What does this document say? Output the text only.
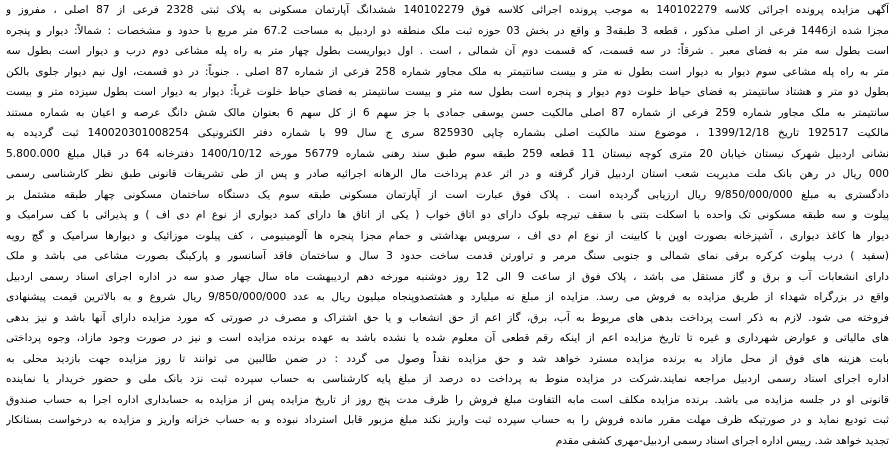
آگهی مزایده پرونده اجرائی کلاسه 140102279 به موجب پرونده اجرائی کلاسه فوق 140102279 ششدانگ آپارتمان مسکونی به پلاک ثبتی 2328 فرعی از 87 اصلی ، مفروز و
مجزا شده از1446 فرعی از اصلی مذکور ، قطعه 3 طبقه3 و واقع در بخش 03 حوزه ثبت ملک منطقه دو اردبیل به مساحت 67.2 متر مربع با حدود و مشخصات : شمالاً: دیوار و پنجره
است بطول سه متر به فضای معبر . شرقاً: در سه قسمت، که قسمت دوم آن شمالی ، است . اول دیواریست بطول چهار متر به راه پله مشاعی دوم درب و دیوار است بطول سه
متر به راه پله مشاعی سوم دیوار به دیوار است بطول نه متر و بیست سانتیمتر به ملک مجاور شماره 258 فرعی از شماره 87 اصلی . جنوباً: در دو قسمت، اول نیم دیوار جلوی بالکن
بطول دو متر و هشتاد سانتیمتر به فضای حیاط خلوت دوم دیوار و پنجره است بطول سه متر و بیست سانتیمتر به فضای حیاط خلوت غرباً: دیوار به دیوار است بطول سیزده متر و بیست
سانتیمتر به ملک مجاور شماره 259 فرعی از شماره 87 اصلی مالکیت حسن یوسفی جمادی با جز سهم 6 از کل سهم 6 بعنوان مالک شش دانگ عرصه و اعیان به شماره مستند
مالکیت 192517 تاریخ 1399/12/18 ، موضوع سند مالکیت اصلی بشماره چاپی 825930 سری ج سال 99 با شماره دفتر الکترونیکی 140020301008254 ثبت گردیده به
نشانی اردبیل شهرک نیستان خیابان 20 متری کوچه نیستان 11 قطعه 259 طبقه سوم طبق سند رهنی شماره 56779 مورخه 1400/10/12 دفترخانه 64 در قبال مبلغ 5.800.000
000 ریال در رهن بانک ملت مدیریت شعب استان اردبیل قرار گرفته و در اثر عدم پرداخت مال الرهانه اجرائیه صادر و پس از طی تشریفات قانونی طبق نظر کارشناسی رسمی
دادگستری به مبلغ 9/850/000/000 ریال ارزیابی گردیده است . پلاک فوق عبارت است از آپارتمان مسکونی طبقه سوم یک دستگاه ساختمان مسکونی چهار طبقه مشتمل بر
پیلوت و سه طبقه مسکونی تک واحده با اسکلت بتنی با سقف تیرچه بلوک دارای دو اتاق خواب ( یکی از اتاق ها دارای کمد دیواری از نوع ام دی اف ) و پذیرائی با کف سرامیک و
دیوار ها کاغذ دیواری ، آشپزخانه بصورت اوپن با کابینت از نوع ام دی اف ، سرویس بهداشتی و حمام مجزا پنجره ها آلومینیومی ، کف پیلوت موزائیک و دیوارها سرامیک و گچ رویه
(سفید ) درب پیلوت کرکره برقی نمای شمالی و جنوبی سنگ مرمر و تراورتن قدمت ساخت حدود 3 سال و ساختمان فاقد آسانسور و پارکینگ بصورت مشاعی می باشد و ملک
دارای انشعابات آب و برق و گاز مستقل می باشد ، پلاک فوق از ساعت 9 الی 12 روز دوشنبه مورخه دهم اردیبهشت ماه سال چهار صدو سه در اداره اجرای اسناد رسمی اردبیل
واقع در بزرگراه شهداء از طریق مزایده به فروش می رسد. مزایده از مبلغ نه میلیارد و هشتصدوپنجاه میلیون ریال به عدد 9/850/000/000 ریال شروع و به بالاترین قیمت پیشنهادی
فروخته می شود. لازم به ذکر است پرداخت بدهی های مربوط به آب، برق، گاز اعم از حق انشعاب و یا حق اشتراک و مصرف در صورتی که مورد مزایده دارای آنها باشد و نیز بدهی
های مالیاتی و عوارض شهرداری و غیره تا تاریخ مزایده اعم از اینکه رقم قطعی آن معلوم شده یا نشده باشد به عهده برنده مزایده است و نیز در صورت وجود مازاد، وجوه پرداختی
بابت هزینه های فوق از محل مازاد به برنده مزایده مسترد خواهد شد و حق مزایده نقداً وصول می گردد : در ضمن طالبین می توانند تا روز مزایده جهت بازدید محلی به
اداره اجرای اسناد رسمی اردبیل مراجعه نمایند.شرکت در مزایده منوط به پرداخت ده درصد از مبلغ پایه کارشناسی به حساب سپرده ثبت نزد بانک ملی و حضور خریدار یا نماینده
قانونی او در جلسه مزایده می باشد. برنده مزایده مکلف است مابه التفاوت مبلغ فروش را ظرف مدت پنج روز از تاریخ مزایده پس از مزایده به حسابداری اداره اجرا به حساب صندوق
ثبت تودیع نماید و در صورتیکه ظرف مهلت مقرر مانده فروش را به حساب سپرده ثبت واریز نکند مبلغ مزبور قابل استرداد نبوده و به حساب خزانه واریز و مزایده به درخواست بستانکار
تجدید خواهد شد. رییس اداره اجرای اسناد رسمی اردبیل-مهری کشفی مقدم
